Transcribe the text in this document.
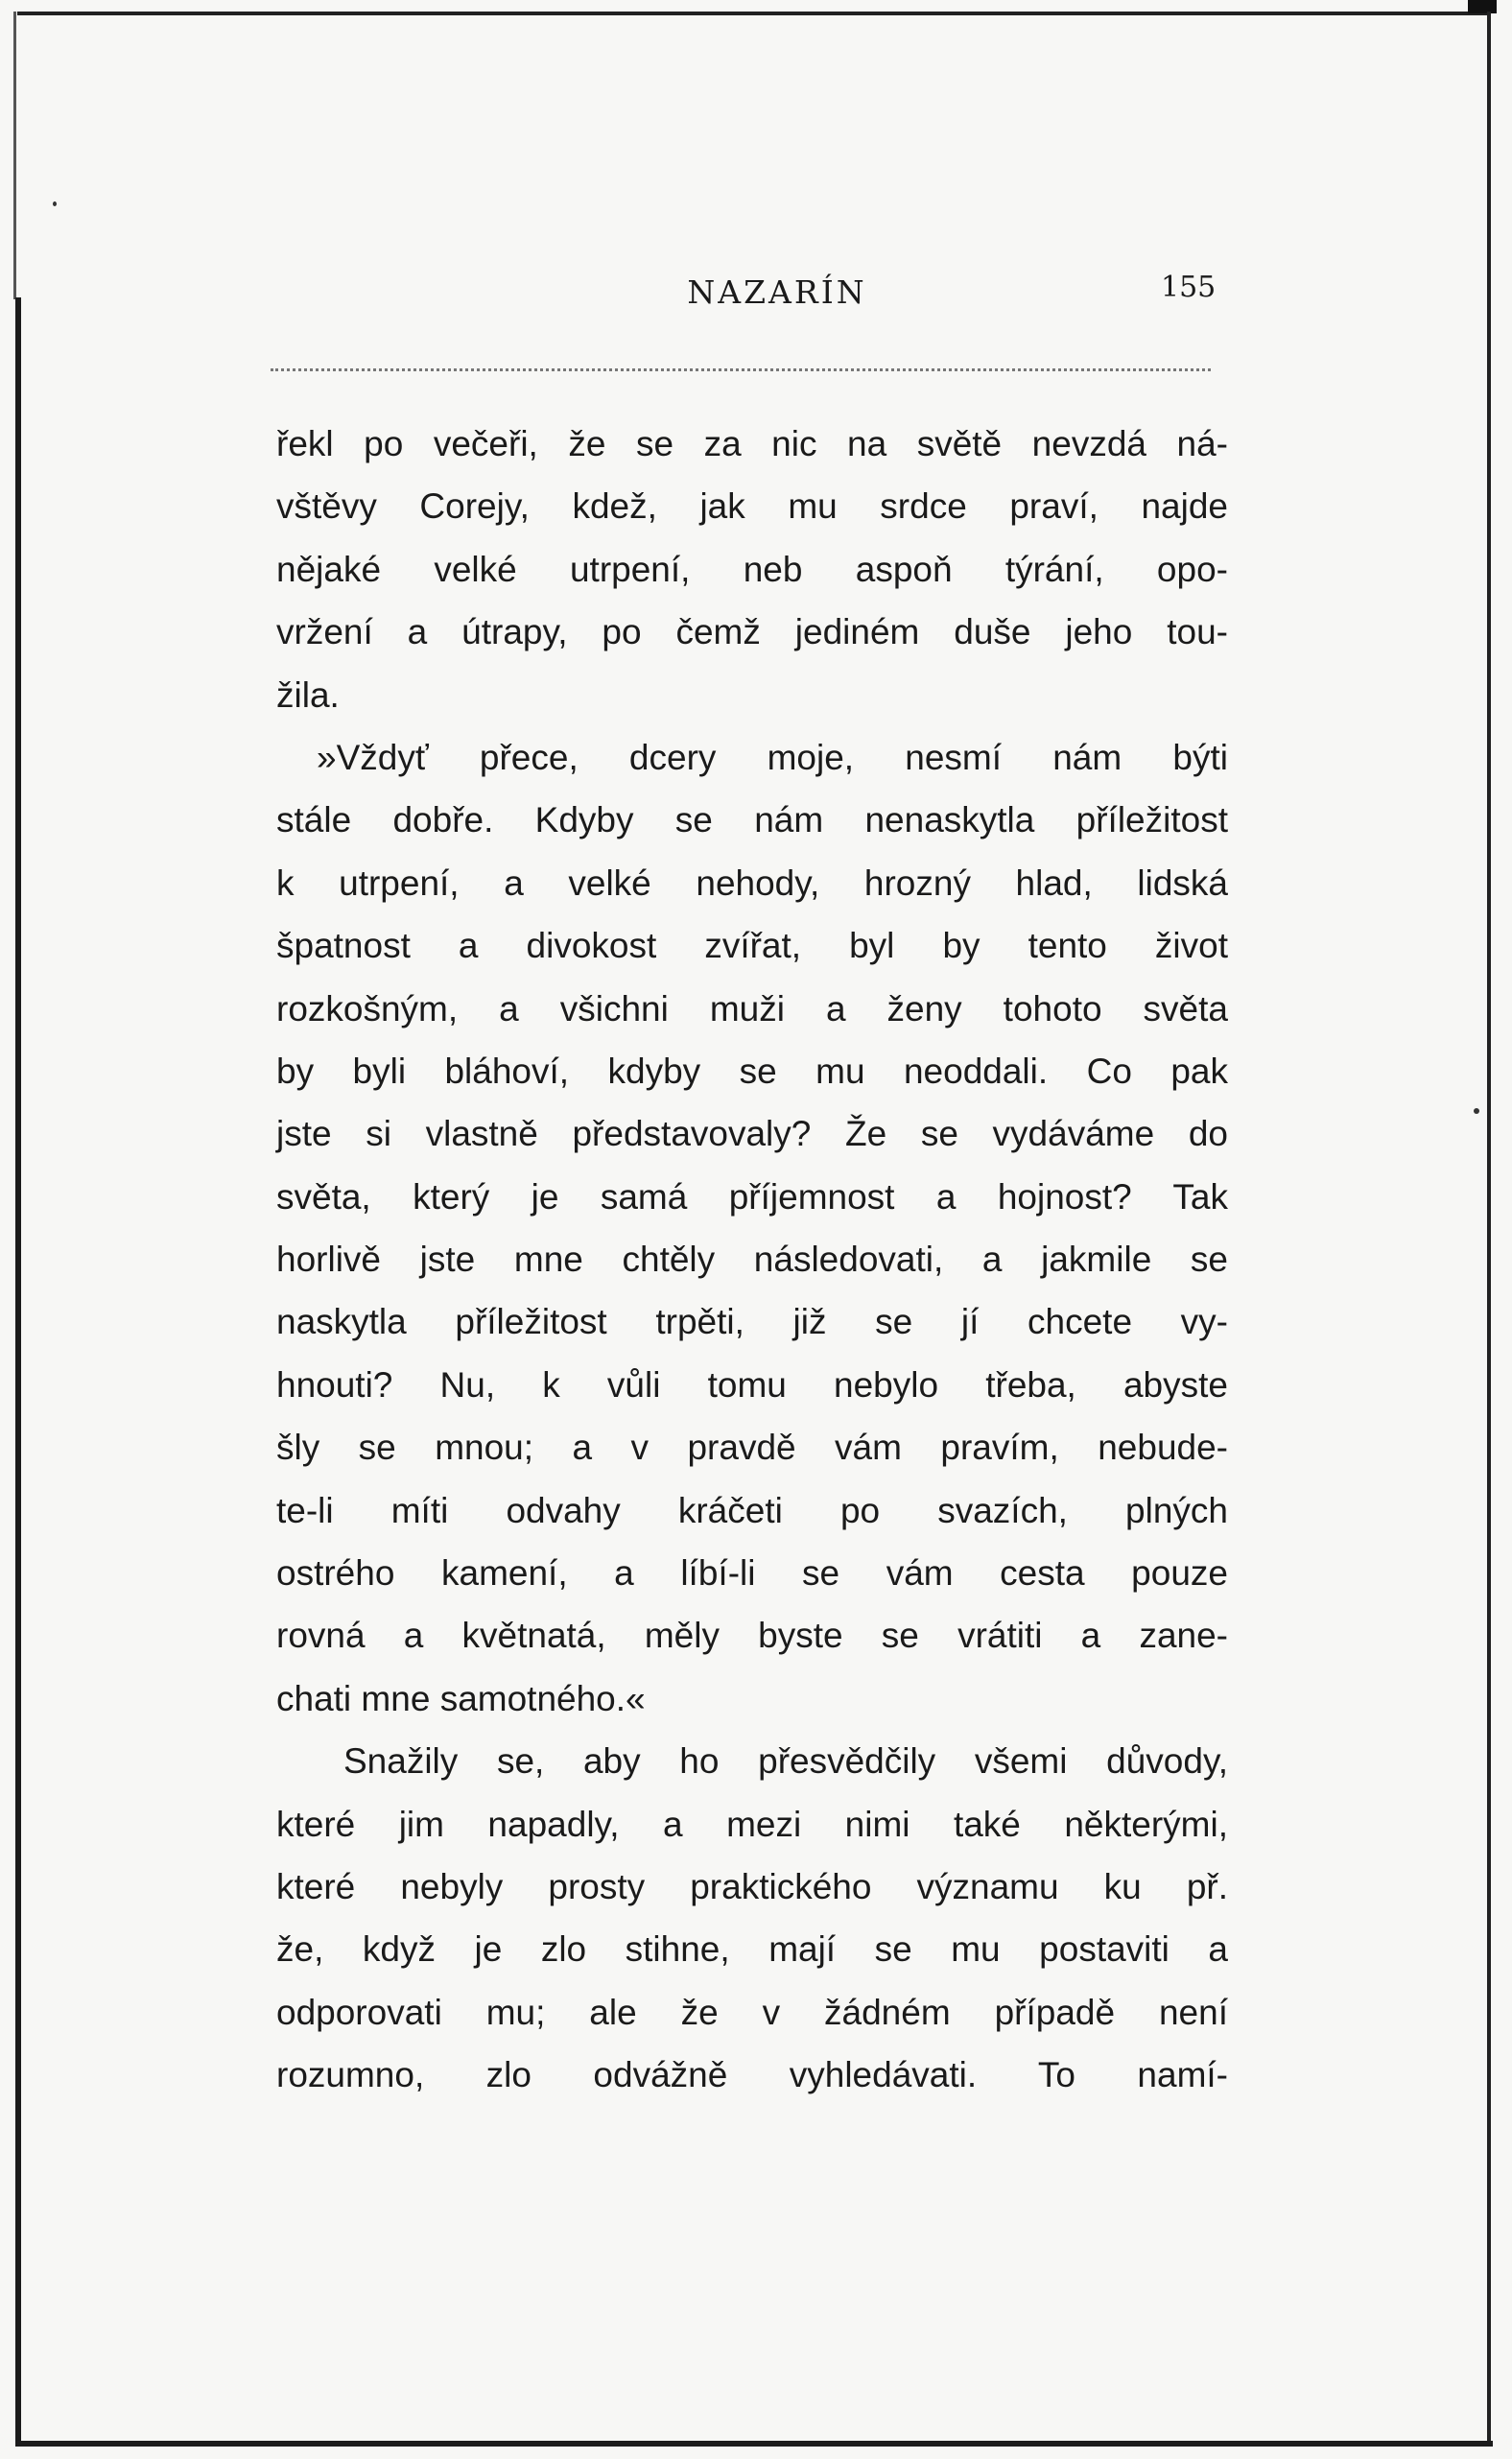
NAZARÍN	155
řekl po večeři, že se za nic na světě nevzdá ná-
vštěvy Corejy, kdež, jak mu srdce praví, najde
nějaké velké utrpení, neb aspoň týrání, opo-
vržení a útrapy, po čemž jediném duše jeho tou-
žila.
»Vždyť přece, dcery moje, nesmí nám býti
stále dobře. Kdyby se nám nenaskytla příležitost
k utrpení, a velké nehody, hrozný hlad, lidská
špatnost a divokost zvířat, byl by tento život
rozkošným, a všichni muži a ženy tohoto světa
by byli bláhoví, kdyby se mu neoddali. Co pak
jste si vlastně představovaly? Že se vydáváme do
světa, který je samá příjemnost a hojnost? Tak
horlivě jste mne chtěly následovati, a jakmile se
naskytla příležitost trpěti, již se jí chcete vy-
hnouti? Nu, k vůli tomu nebylo třeba, abyste
šly se mnou; a v pravdě vám pravím, nebude-
te-li míti odvahy kráčeti po svazích, plných
ostrého kamení, a líbí-li se vám cesta pouze
rovná a květnatá, měly byste se vrátiti a zane-
chati mne samotného.«
Snažily se, aby ho přesvědčily všemi důvody,
které jim napadly, a mezi nimi také některými,
které nebyly prosty praktického významu ku př.
že, když je zlo stihne, mají se mu postaviti a
odporovati mu; ale že v žádném případě není
rozumno, zlo odvážně vyhledávati. To namí-
